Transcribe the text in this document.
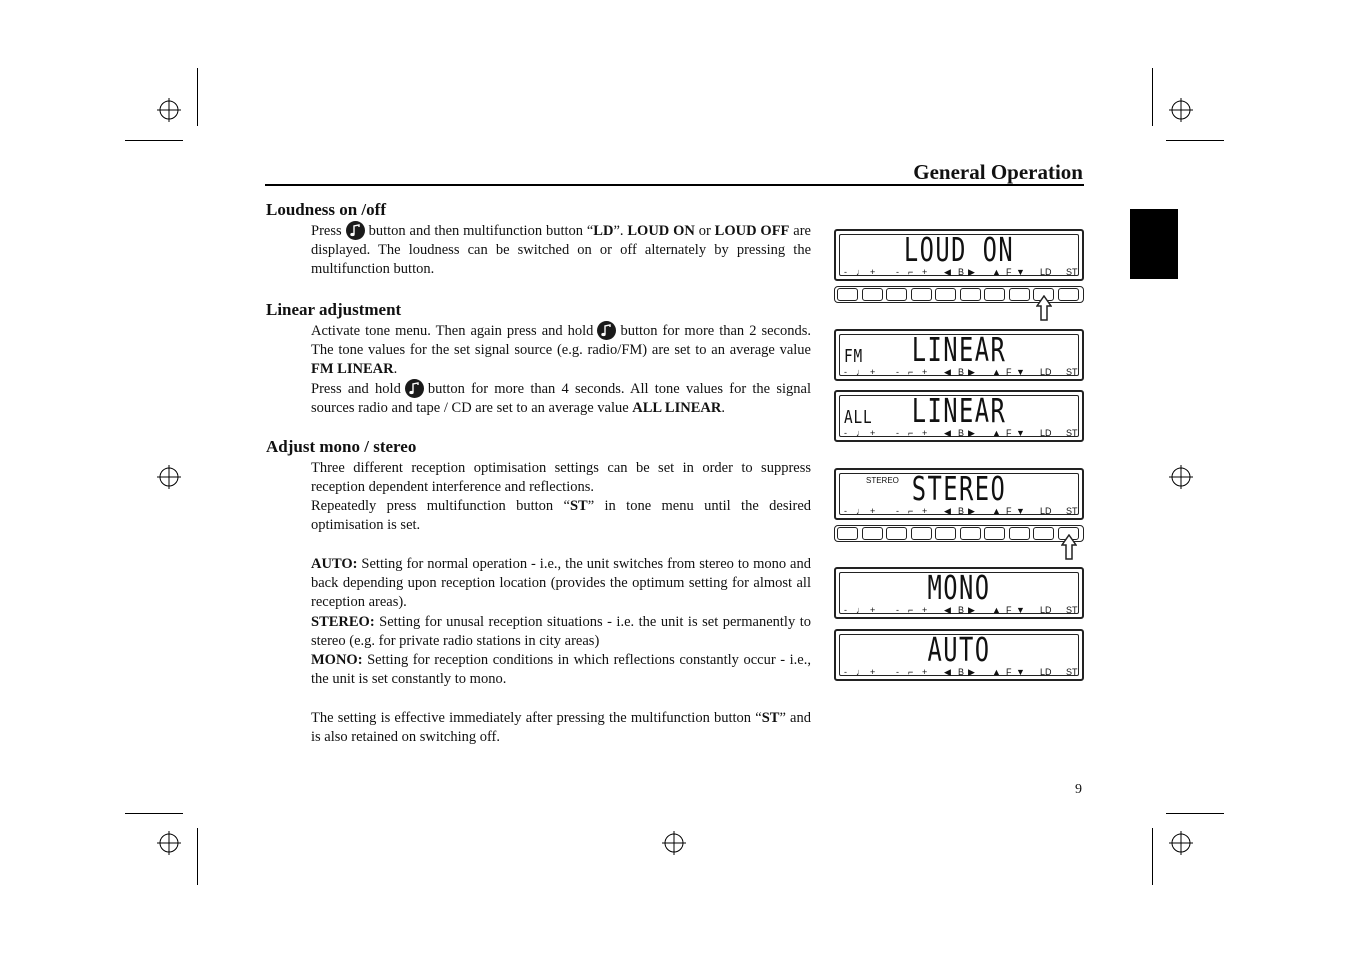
General Operation
Loudness on /off
Press button and then multifunction button “LD”. LOUD ON or LOUD OFF are displayed. The loudness can be switched on or off alternately by pressing the multifunction button.
Linear adjustment
Activate tone menu. Then again press and hold button for more than 2 seconds. The tone values for the set signal source (e.g. radio/FM) are set to an average value FM LINEAR.
Press and hold button for more than 4 seconds. All tone values for the signal sources radio and tape / CD are set to an average value ALL LINEAR.
Adjust mono / stereo
Three different reception optimisation settings can be set in order to suppress reception dependent interference and reflections.
Repeatedly press multifunction button “ST” in tone menu until the desired optimisation is set.
AUTO: Setting for normal operation - i.e., the unit switches from stereo to mono and back depending upon reception location (provides the optimum setting for almost all reception areas).
STEREO: Setting for unusal reception situations - i.e. the unit is set permanently to stereo (e.g. for private radio stations in city areas)
MONO: Setting for reception conditions in which reflections constantly occur - i.e., the unit is set constantly to mono.
The setting is effective immediately after pressing the multifunction button “ST” and is also retained on switching off.
9
LOUD ON
- ♩ + - ⌐ + ◀ B ▶ ▲ F ▼ LD ST
FM	LINEAR
- ♩ + - ⌐ + ◀ B ▶ ▲ F ▼ LD ST
ALL	LINEAR
- ♩ + - ⌐ + ◀ B ▶ ▲ F ▼ LD ST
STEREO STEREO
- ♩ + - ⌐ + ◀ B ▶ ▲ F ▼ LD ST
MONO
- ♩ + - ⌐ + ◀ B ▶ ▲ F ▼ LD ST
AUTO
- ♩ + - ⌐ + ◀ B ▶ ▲ F ▼ LD ST
